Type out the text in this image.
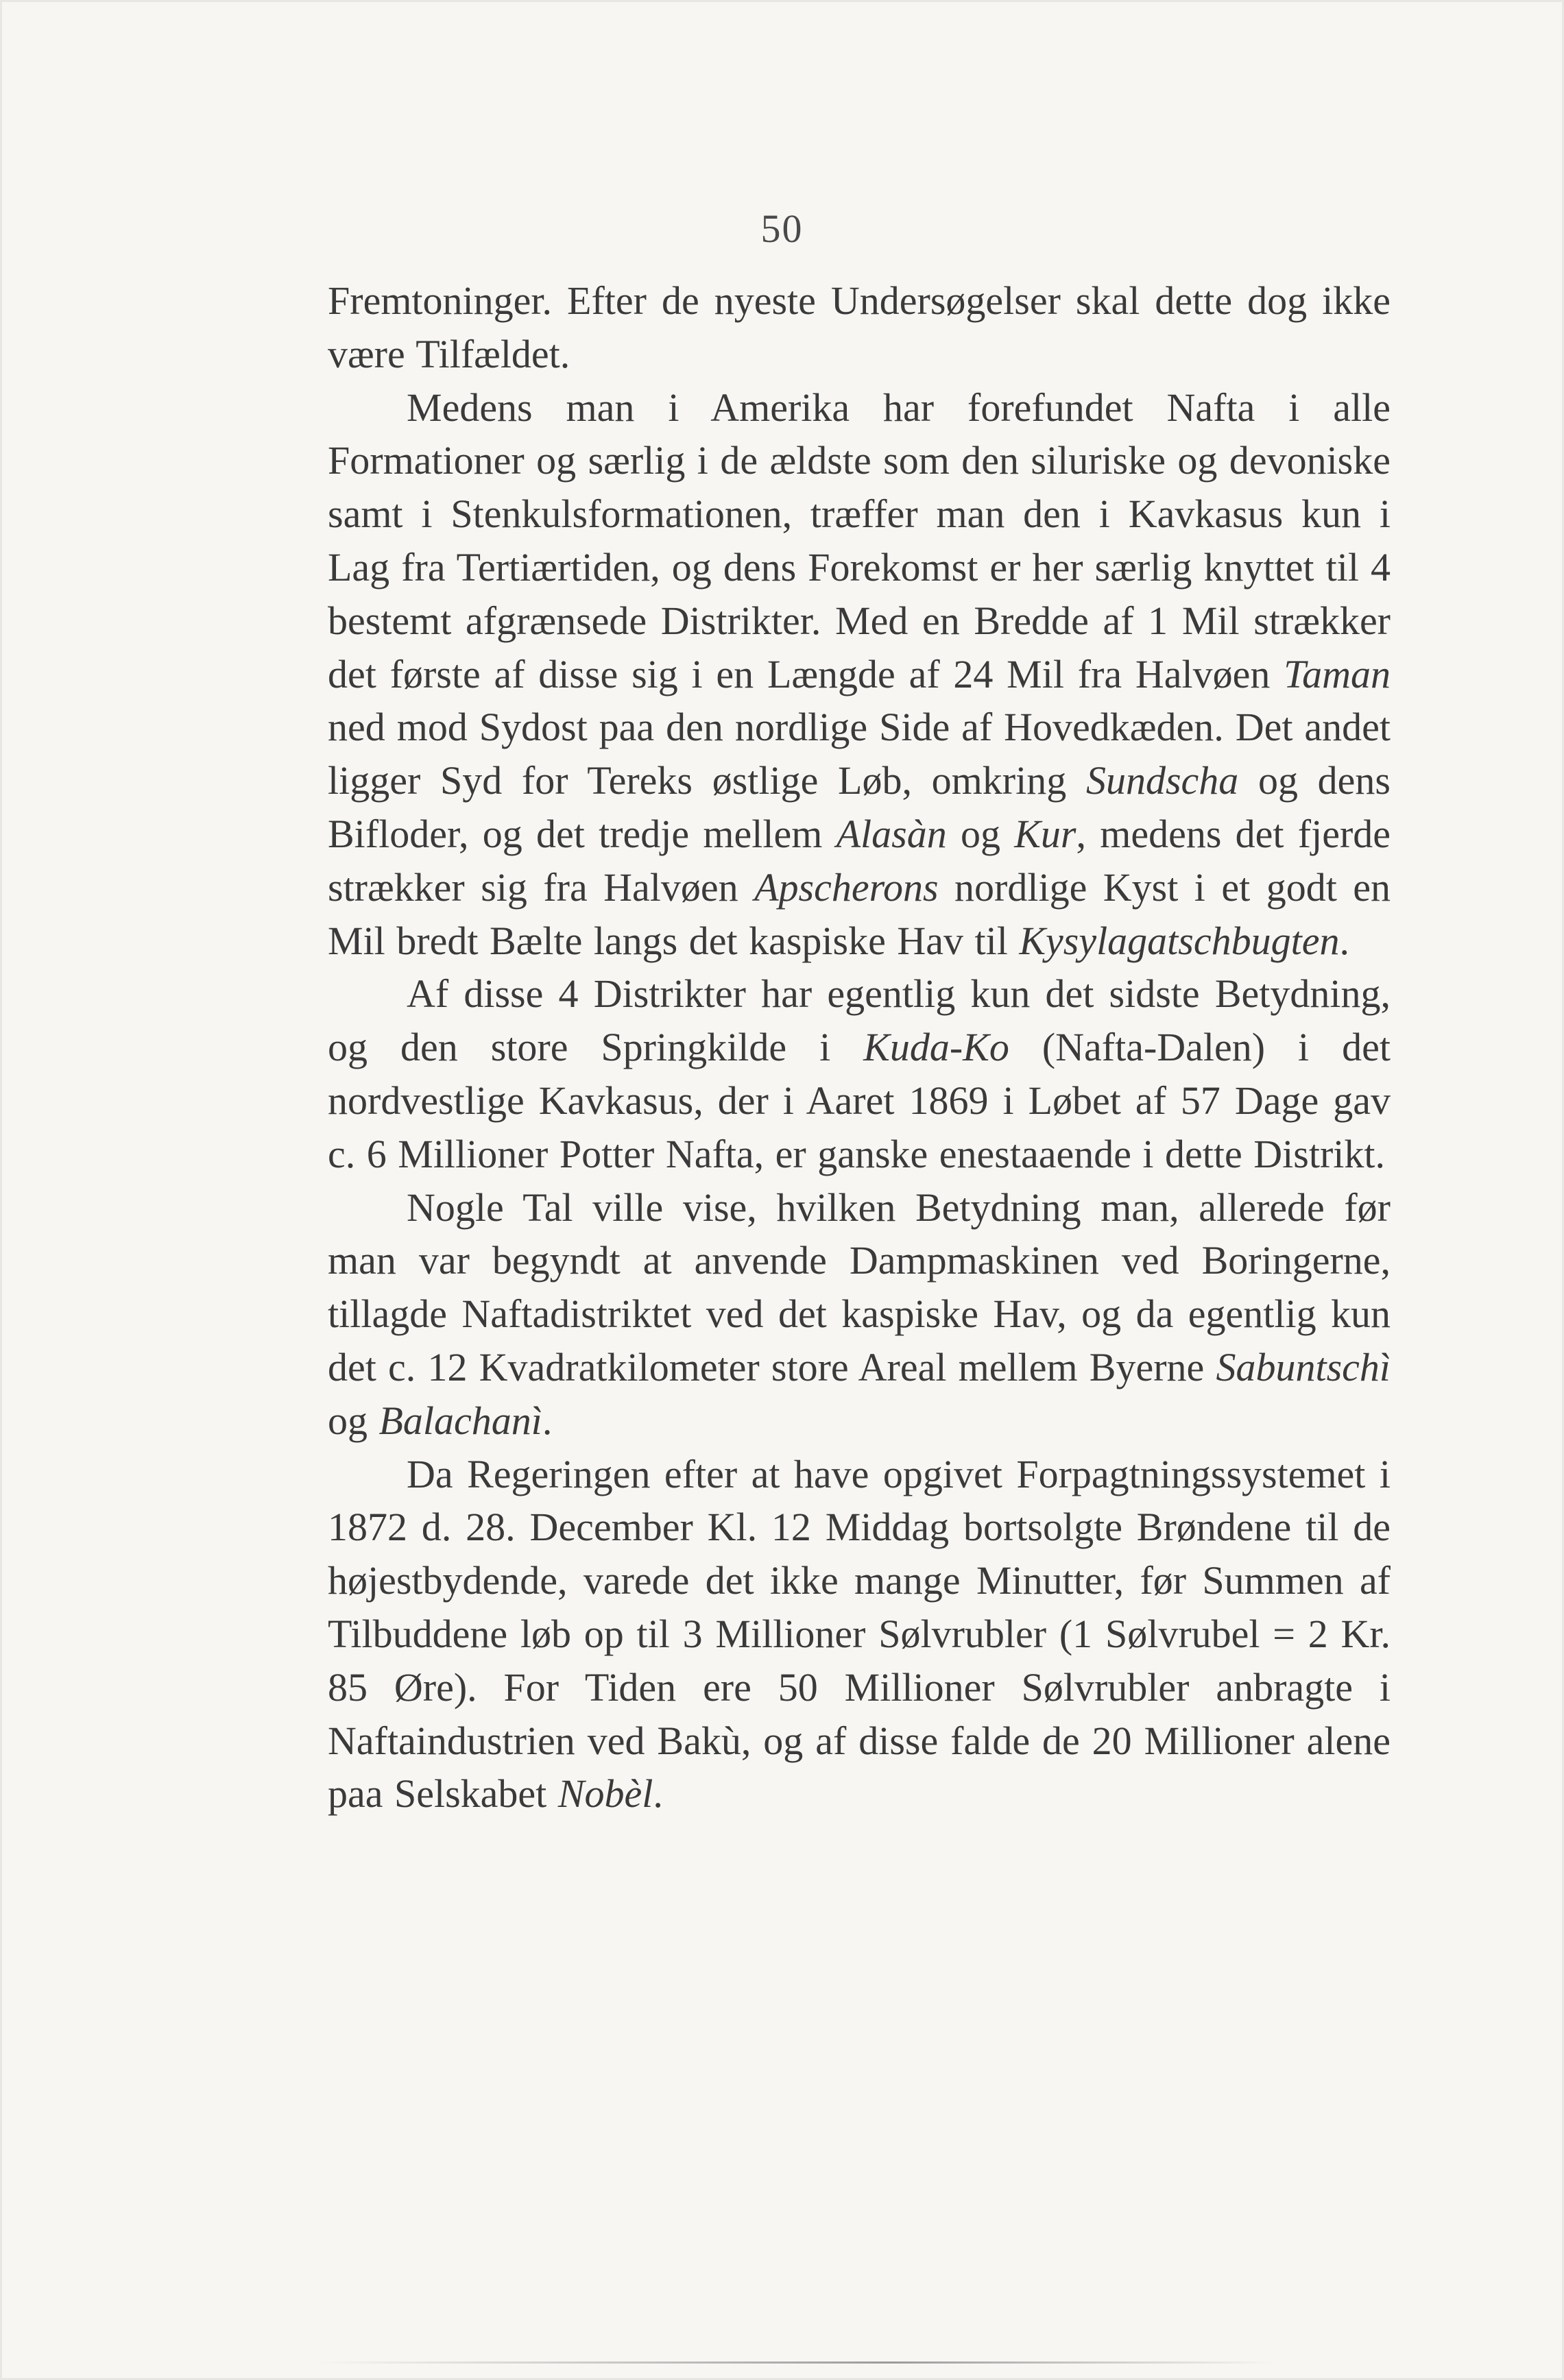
50

Fremtoninger. Efter de nyeste Undersøgelser skal dette dog ikke være Tilfældet.

Medens man i Amerika har forefundet Nafta i alle Formationer og særlig i de ældste som den siluriske og devoniske samt i Stenkulsformationen, træffer man den i Kavkasus kun i Lag fra Tertiærtiden, og dens Forekomst er her særlig knyttet til 4 bestemt afgrænsede Distrikter. Med en Bredde af 1 Mil strækker det første af disse sig i en Længde af 24 Mil fra Halvøen Taman ned mod Sydost paa den nordlige Side af Hovedkæden. Det andet ligger Syd for Tereks østlige Løb, omkring Sundscha og dens Bifloder, og det tredje mellem Alasàn og Kur, medens det fjerde strækker sig fra Halvøen Apscherons nordlige Kyst i et godt en Mil bredt Bælte langs det kaspiske Hav til Kysylagatschbugten.

Af disse 4 Distrikter har egentlig kun det sidste Betydning, og den store Springkilde i Kuda-Ko (Nafta-Dalen) i det nordvestlige Kavkasus, der i Aaret 1869 i Løbet af 57 Dage gav c. 6 Millioner Potter Nafta, er ganske enestaaende i dette Distrikt.

Nogle Tal ville vise, hvilken Betydning man, allerede før man var begyndt at anvende Dampmaskinen ved Boringerne, tillagde Naftadistriktet ved det kaspiske Hav, og da egentlig kun det c. 12 Kvadratkilometer store Areal mellem Byerne Sabuntschì og Balachanì.

Da Regeringen efter at have opgivet Forpagtningssystemet i 1872 d. 28. December Kl. 12 Middag bortsolgte Brøndene til de højestbydende, varede det ikke mange Minutter, før Summen af Tilbuddene løb op til 3 Millioner Sølvrubler (1 Sølvrubel = 2 Kr. 85 Øre). For Tiden ere 50 Millioner Sølvrubler anbragte i Naftaindustrien ved Bakù, og af disse falde de 20 Millioner alene paa Selskabet Nobèl.
